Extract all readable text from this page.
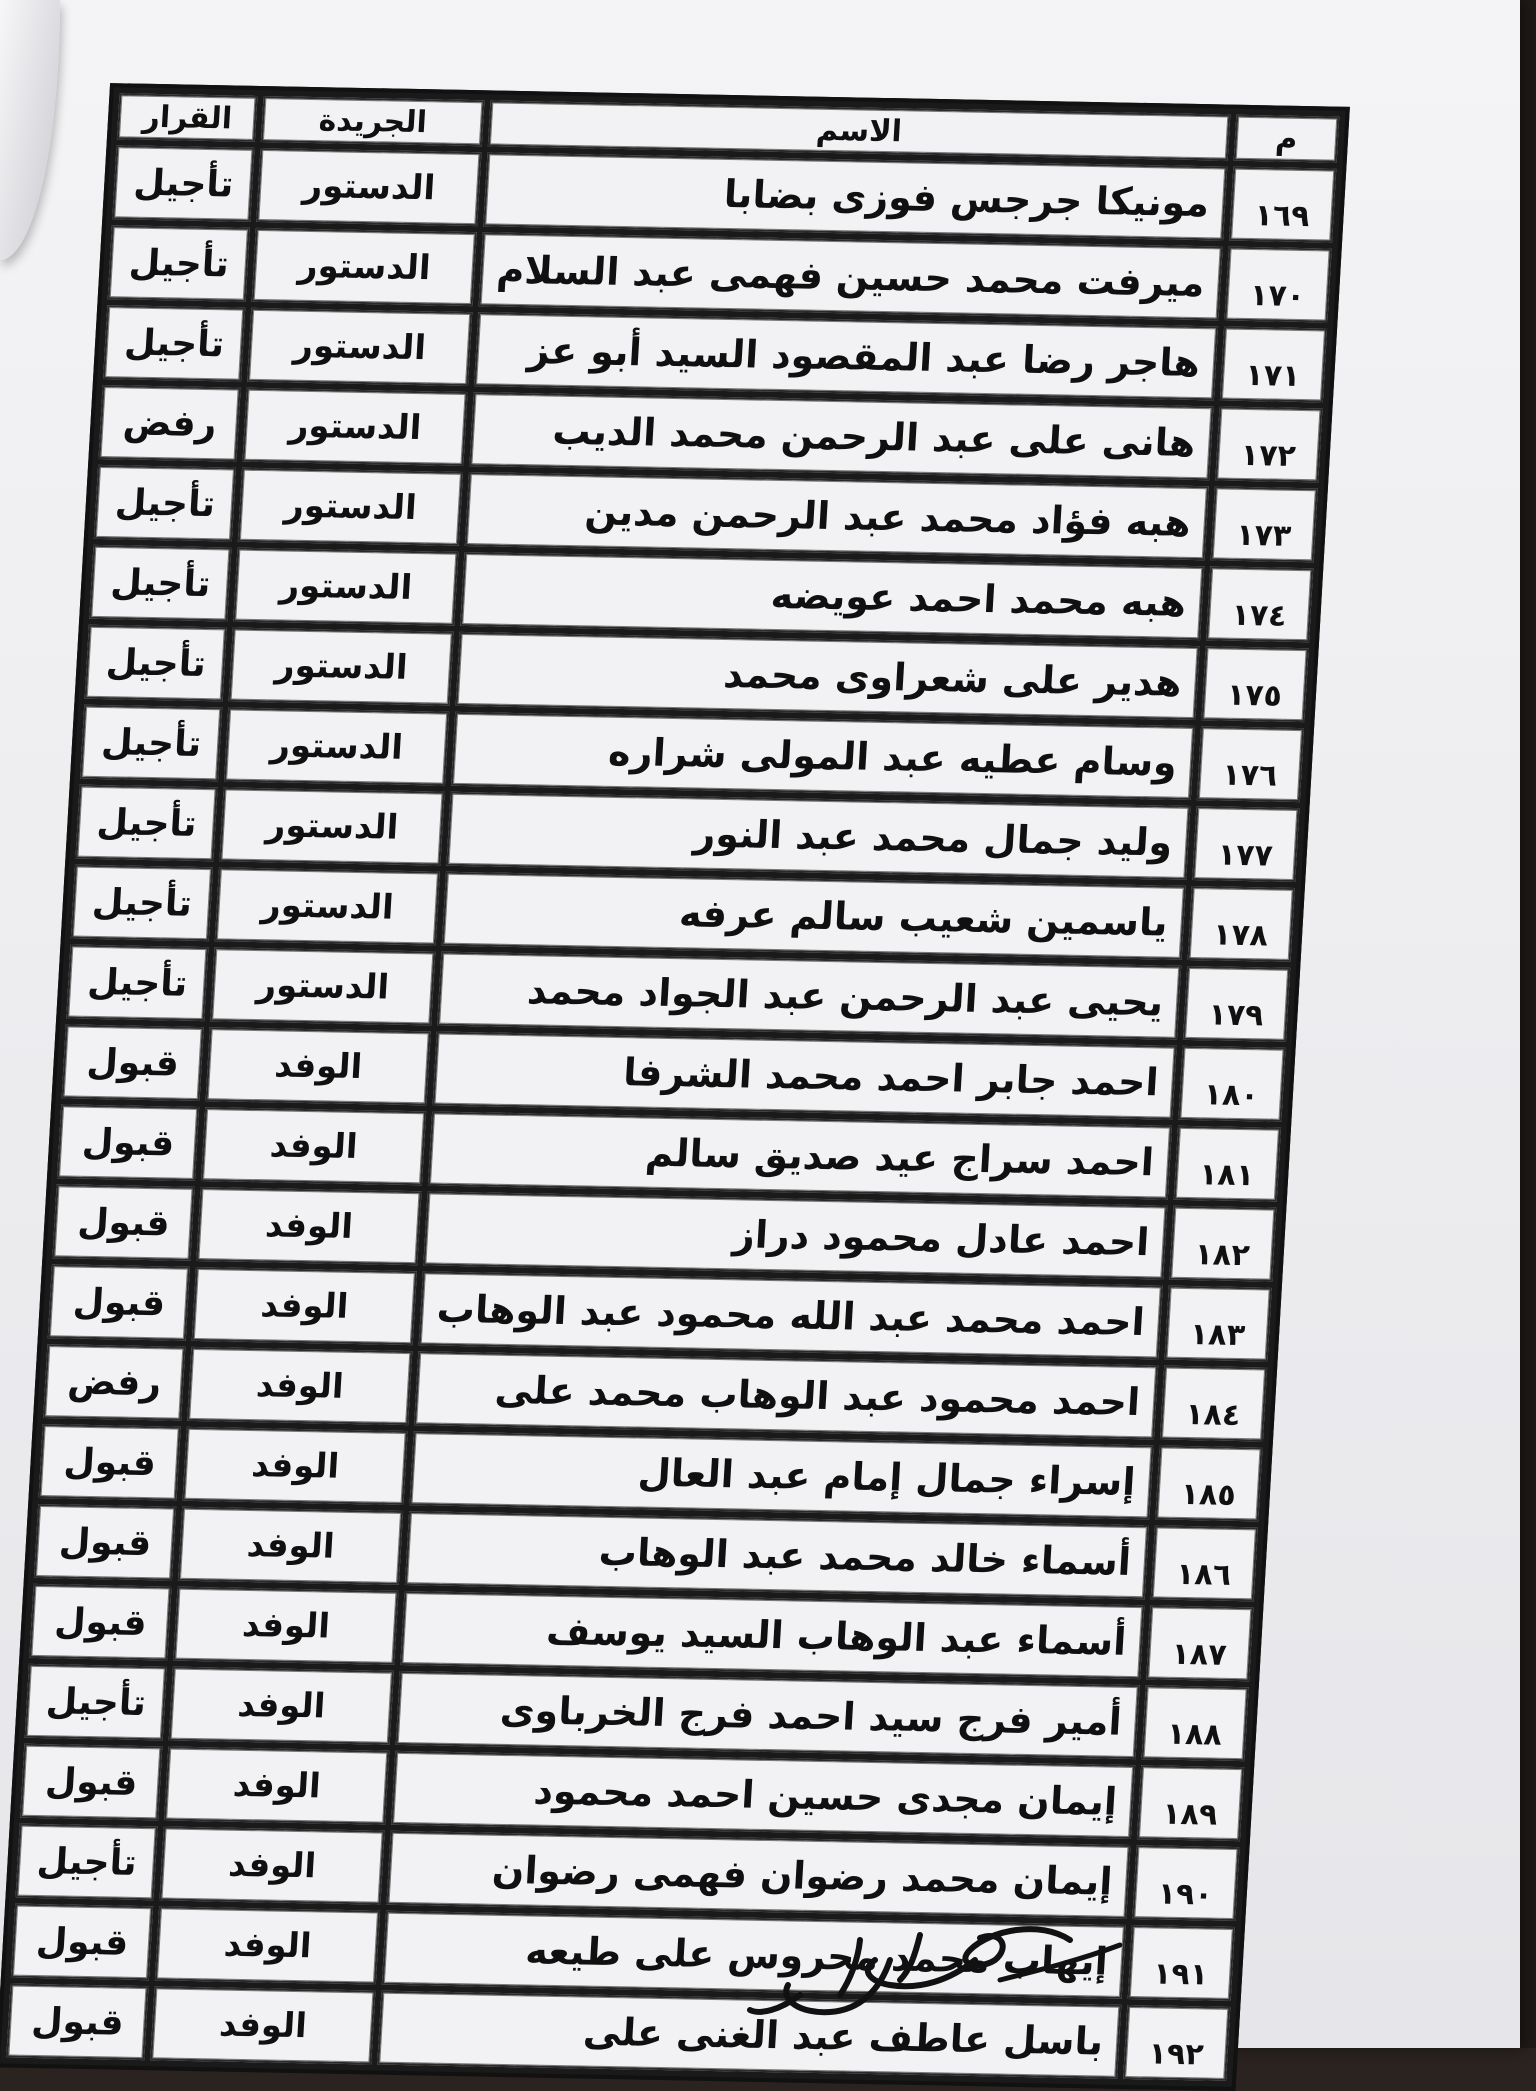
م	الاسم	الجريدة	القرار
١٦٩	مونيكا جرجس فوزى بضابا	الدستور	تأجيل
١٧٠	ميرفت محمد حسين فهمى عبد السلام	الدستور	تأجيل
١٧١	هاجر رضا عبد المقصود السيد أبو عز	الدستور	تأجيل
١٧٢	هانى على عبد الرحمن محمد الديب	الدستور	رفض
١٧٣	هبه فؤاد محمد عبد الرحمن مدين	الدستور	تأجيل
١٧٤	هبه محمد احمد عويضه	الدستور	تأجيل
١٧٥	هدير على شعراوى محمد	الدستور	تأجيل
١٧٦	وسام عطيه عبد المولى شراره	الدستور	تأجيل
١٧٧	وليد جمال محمد عبد النور	الدستور	تأجيل
١٧٨	ياسمين شعيب سالم عرفه	الدستور	تأجيل
١٧٩	يحيى عبد الرحمن عبد الجواد محمد	الدستور	تأجيل
١٨٠	احمد جابر احمد محمد الشرفا	الوفد	قبول
١٨١	احمد سراج عيد صديق سالم	الوفد	قبول
١٨٢	احمد عادل محمود دراز	الوفد	قبول
١٨٣	احمد محمد عبد الله محمود عبد الوهاب	الوفد	قبول
١٨٤	احمد محمود عبد الوهاب محمد على	الوفد	رفض
١٨٥	إسراء جمال إمام عبد العال	الوفد	قبول
١٨٦	أسماء خالد محمد عبد الوهاب	الوفد	قبول
١٨٧	أسماء عبد الوهاب السيد يوسف	الوفد	قبول
١٨٨	أمير فرج سيد احمد فرج الخرباوى	الوفد	تأجيل
١٨٩	إيمان مجدى حسين احمد محمود	الوفد	قبول
١٩٠	إيمان محمد رضوان فهمى رضوان	الوفد	تأجيل
١٩١	إيهاب محمد محروس على طيعه	الوفد	قبول
١٩٢	باسل عاطف عبد الغنى على	الوفد	قبول
